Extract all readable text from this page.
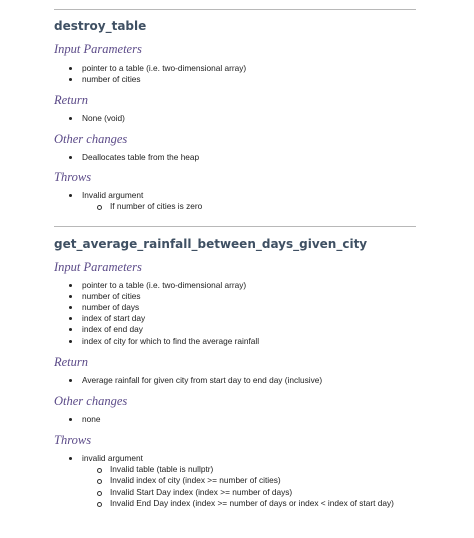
destroy_table
Input Parameters
pointer to a table (i.e. two-dimensional array)
number of cities
Return
None (void)
Other changes
Deallocates table from the heap
Throws
Invalid argument
If number of cities is zero
get_average_rainfall_between_days_given_city
Input Parameters
pointer to a table (i.e. two-dimensional array)
number of cities
number of days
index of start day
index of end day
index of city for which to find the average rainfall
Return
Average rainfall for given city from start day to end day (inclusive)
Other changes
none
Throws
invalid argument
Invalid table (table is nullptr)
Invalid index of city (index >= number of cities)
Invalid Start Day index (index >= number of days)
Invalid End Day index (index >= number of days or index < index of start day)
